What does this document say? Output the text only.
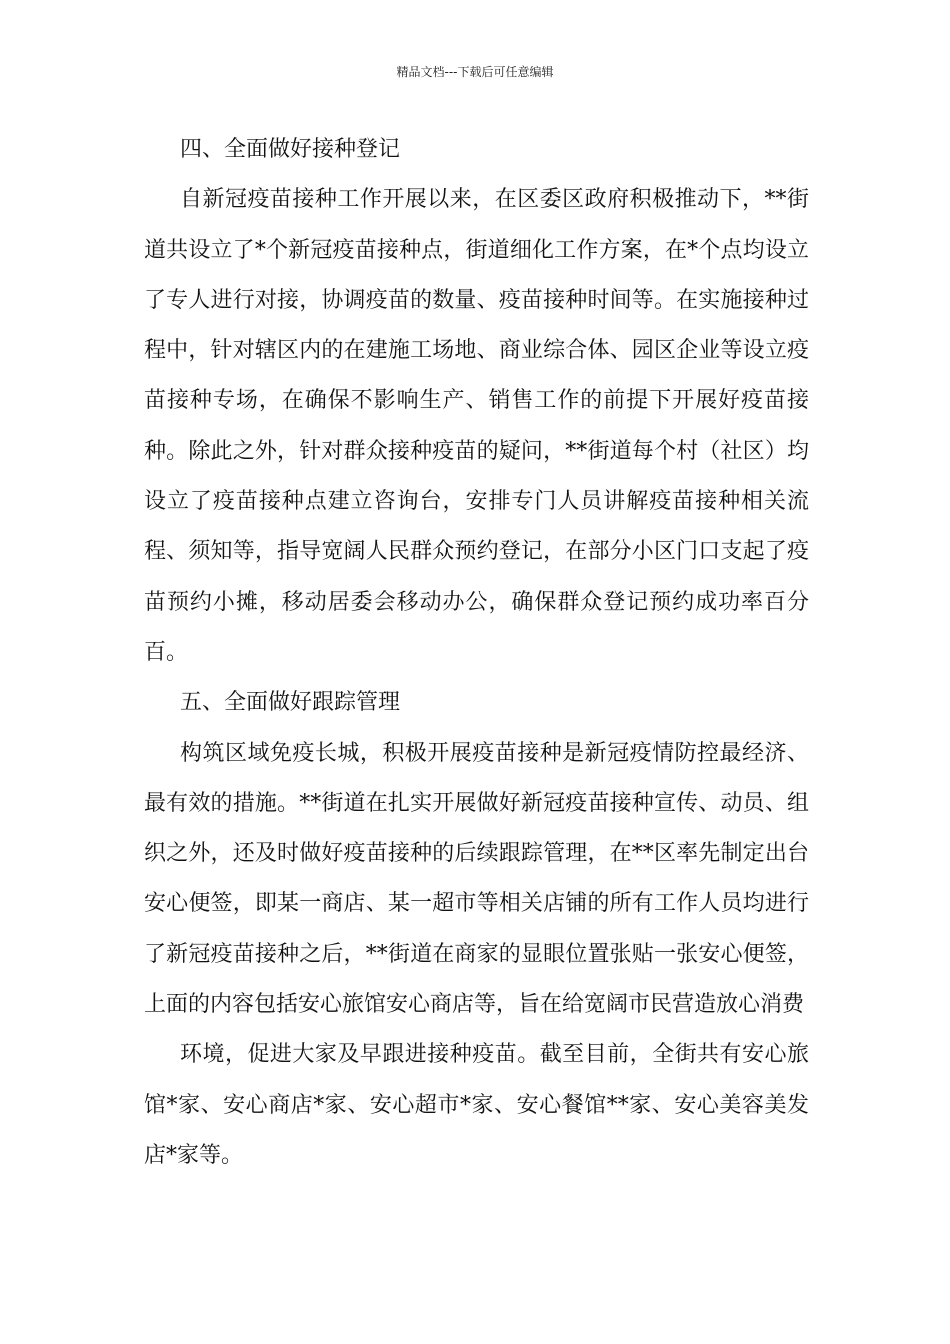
精品文档---下载后可任意编辑

四、全面做好接种登记

自新冠疫苗接种工作开展以来，在区委区政府积极推动下，**街道共设立了*个新冠疫苗接种点，街道细化工作方案，在*个点均设立了专人进行对接，协调疫苗的数量、疫苗接种时间等。在实施接种过程中，针对辖区内的在建施工场地、商业综合体、园区企业等设立疫苗接种专场，在确保不影响生产、销售工作的前提下开展好疫苗接种。除此之外，针对群众接种疫苗的疑问，**街道每个村（社区）均设立了疫苗接种点建立咨询台，安排专门人员讲解疫苗接种相关流程、须知等，指导宽阔人民群众预约登记，在部分小区门口支起了疫苗预约小摊，移动居委会移动办公，确保群众登记预约成功率百分百。

五、全面做好跟踪管理

构筑区域免疫长城，积极开展疫苗接种是新冠疫情防控最经济、最有效的措施。**街道在扎实开展做好新冠疫苗接种宣传、动员、组织之外，还及时做好疫苗接种的后续跟踪管理，在**区率先制定出台安心便签，即某一商店、某一超市等相关店铺的所有工作人员均进行了新冠疫苗接种之后，**街道在商家的显眼位置张贴一张安心便签，上面的内容包括安心旅馆安心商店等，旨在给宽阔市民营造放心消费

环境，促进大家及早跟进接种疫苗。截至目前，全街共有安心旅馆*家、安心商店*家、安心超市*家、安心餐馆**家、安心美容美发店*家等。
